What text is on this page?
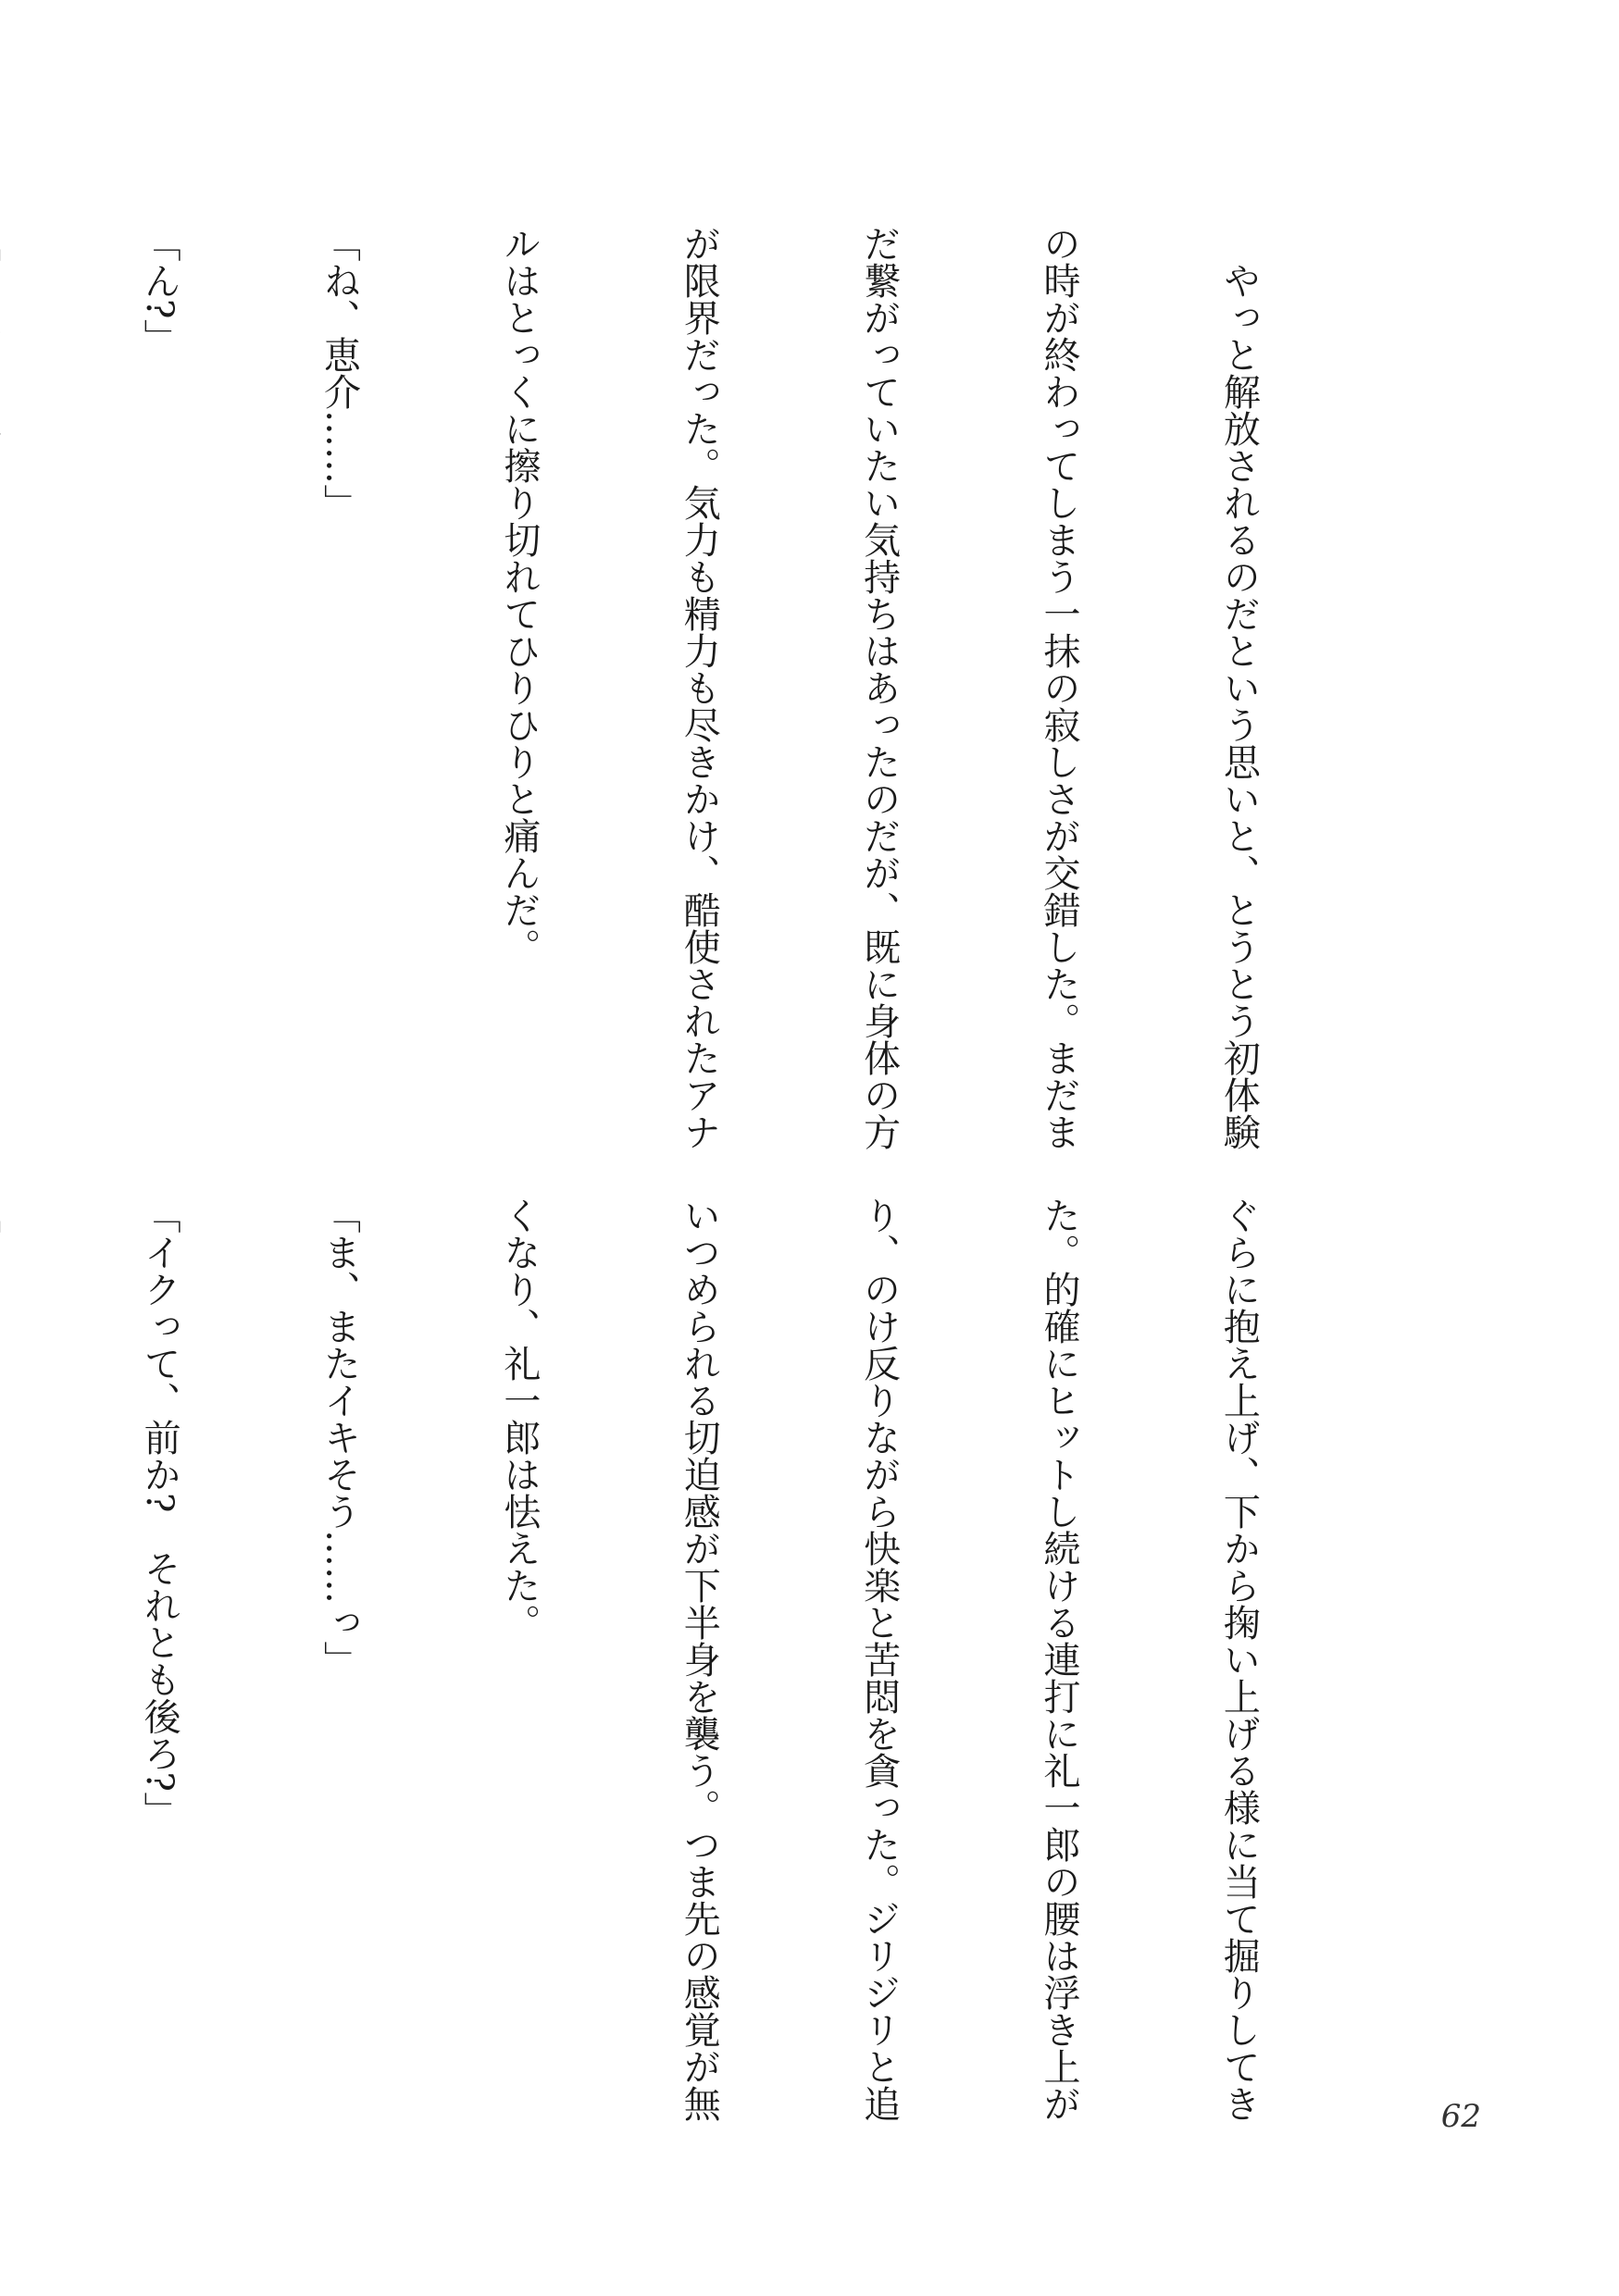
　やっと解放されるのだという思いと、とうとう初体験

の時が終わってしまう一抹の寂しさが交錯した。まだま

だ繋がっていたい気持ちはあったのだが、既に身体の方

が限界だった。気力も精力も尽きかけ、酷使されたアナ

ルはとっくに擦り切れてひりひりと痛んだ。

「ね、恵介……」

「ん?」

ぐらに抱え上げ、下から掬い上げる様に当て掘りしてき

た。的確にヒットし続ける連打に礼一郎の腰は浮き上が

り、のけ反りながら快楽と苦悶を貪った。ジリジリと追

いつめられる切迫感が下半身を襲う。つま先の感覚が無

くなり、礼一郎は怯えた。

「ま、またイキそう……っ」

「イクって、前か?　それとも後ろ?」

62
